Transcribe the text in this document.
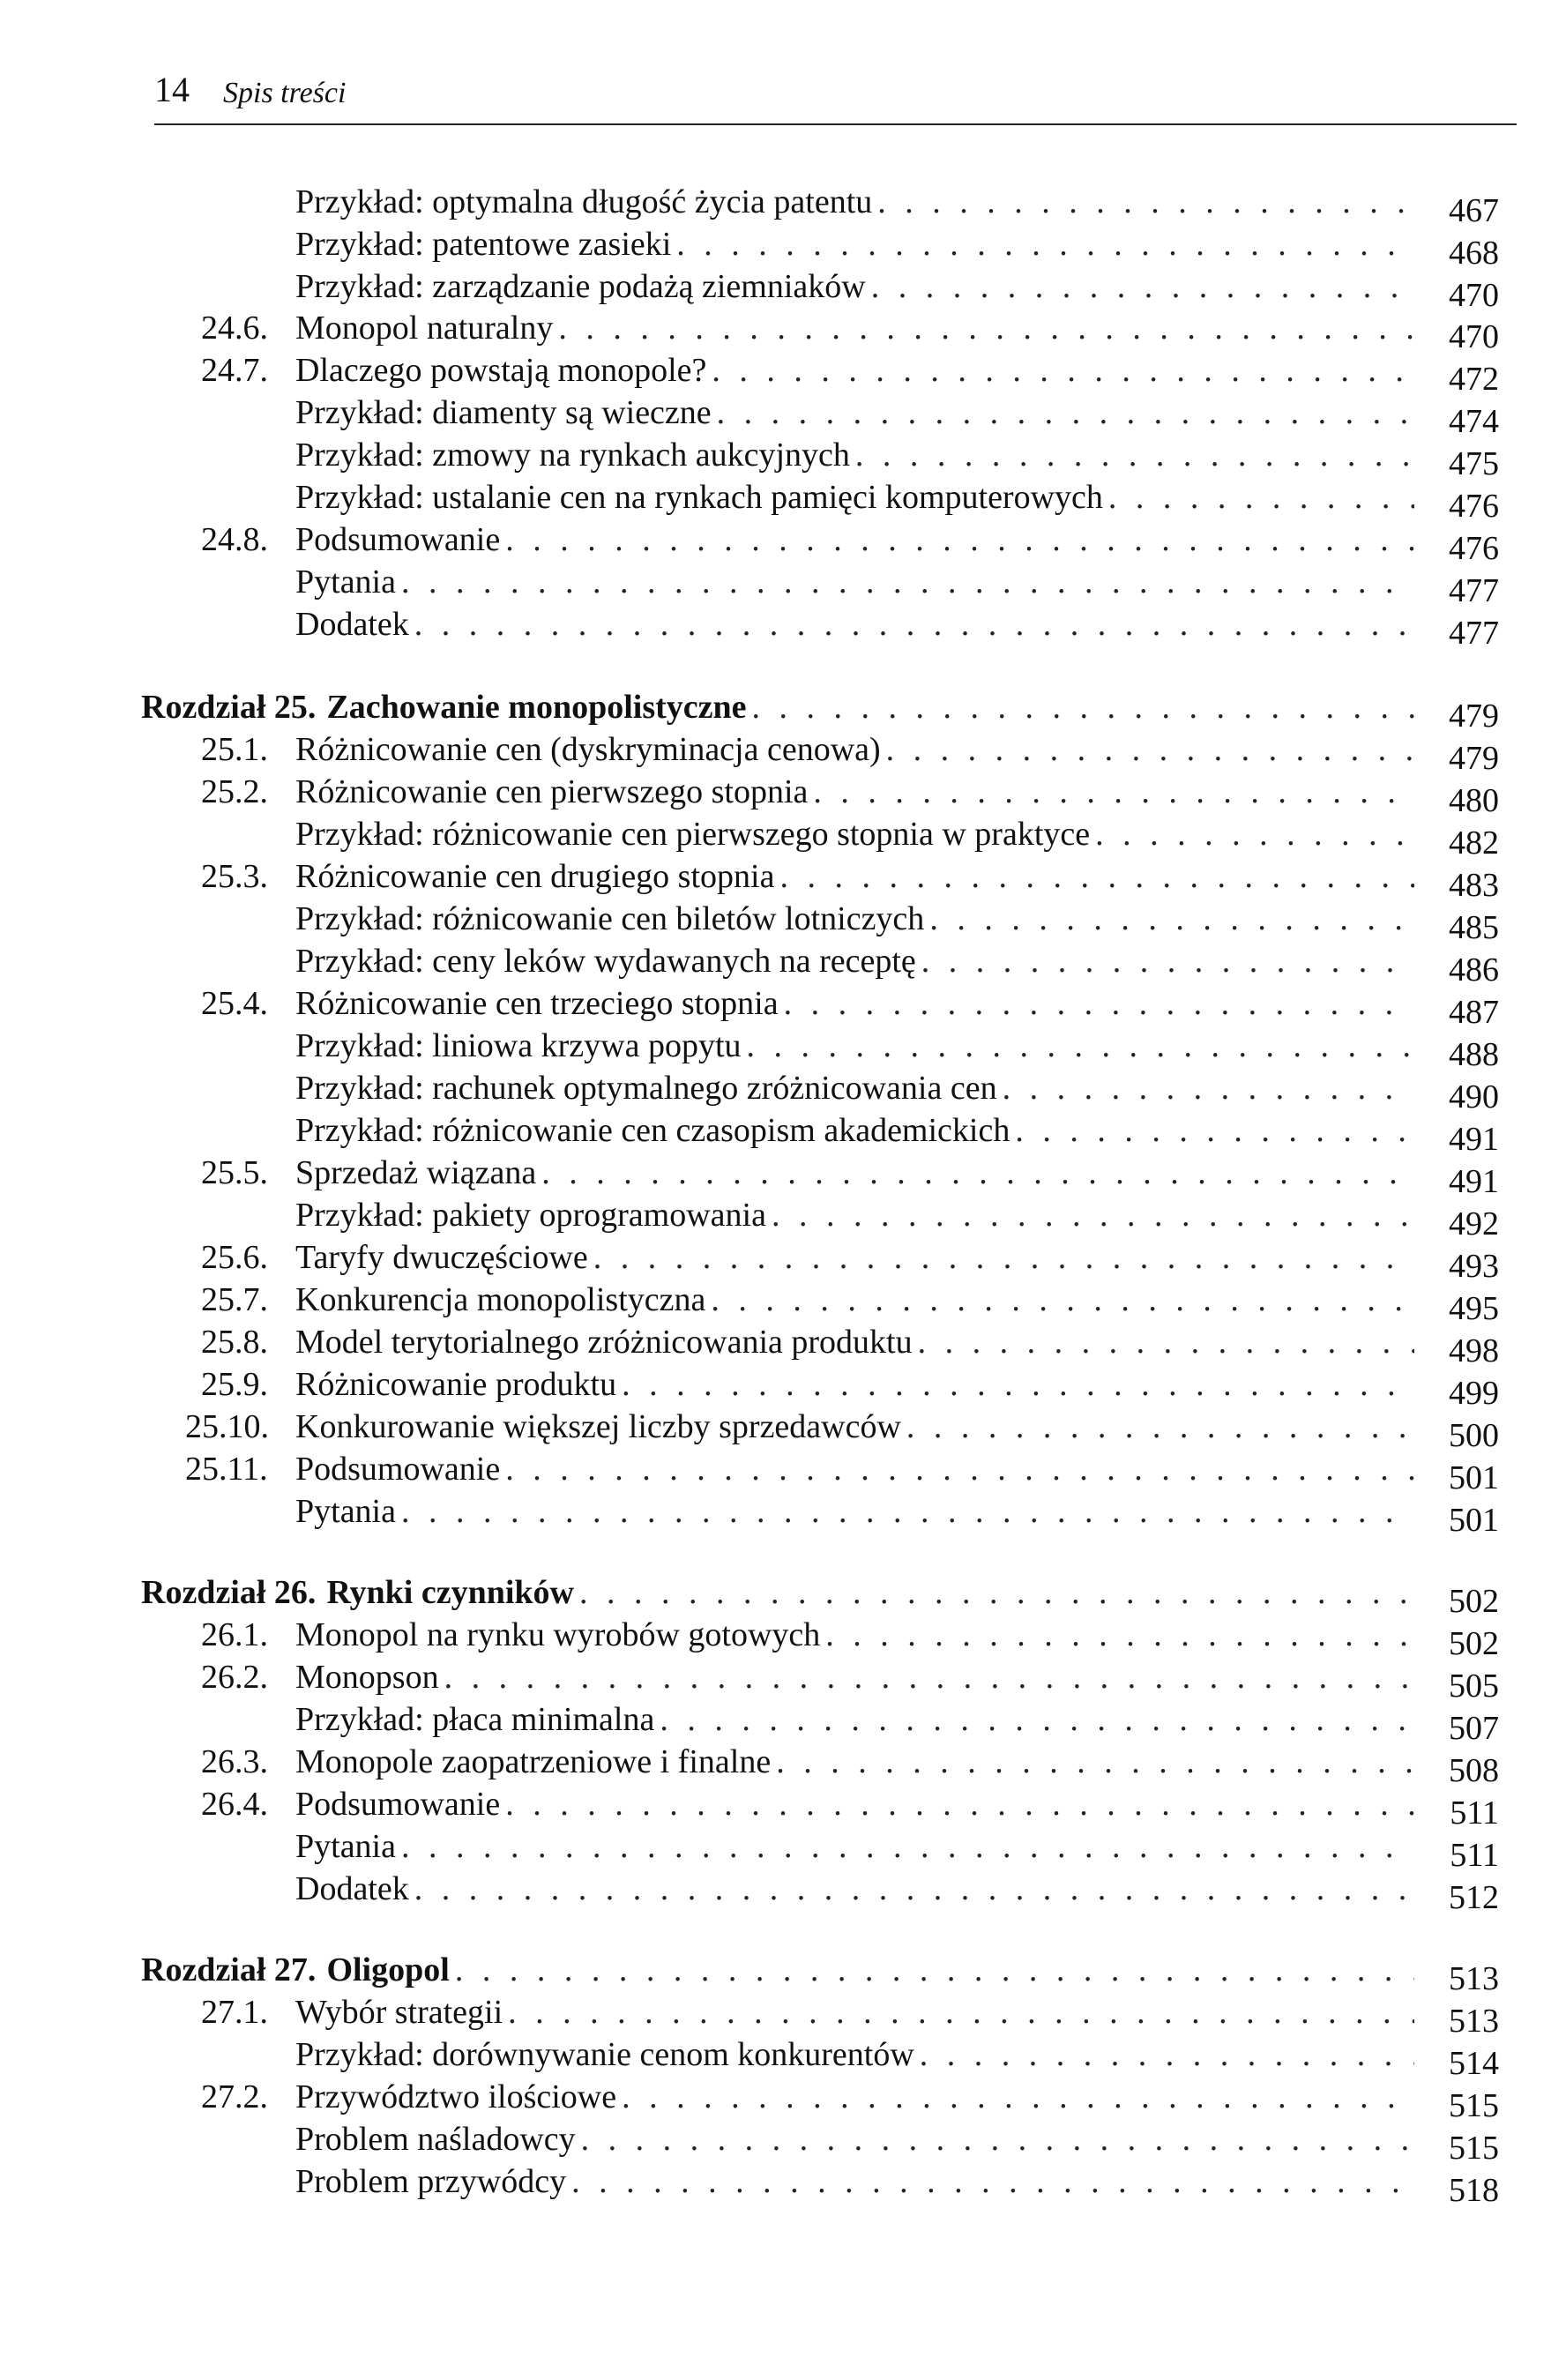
14 Spis treści
Przykład: optymalna długość życia patentu . . .	467
Przykład: patentowe zasieki . . .	468
Przykład: zarządzanie podażą ziemniaków . . .	470
24.6. Monopol naturalny . . .	470
24.7. Dlaczego powstają monopole? . . .	472
Przykład: diamenty są wieczne . . .	474
Przykład: zmowy na rynkach aukcyjnych . . .	475
Przykład: ustalanie cen na rynkach pamięci komputerowych . . .	476
24.8. Podsumowanie . . .	476
Pytania . . .	477
Dodatek . . .	477
Rozdział 25. Zachowanie monopolistyczne . . .	479
25.1. Różnicowanie cen (dyskryminacja cenowa) . . .	479
25.2. Różnicowanie cen pierwszego stopnia . . .	480
Przykład: różnicowanie cen pierwszego stopnia w praktyce . . .	482
25.3. Różnicowanie cen drugiego stopnia . . .	483
Przykład: różnicowanie cen biletów lotniczych . . .	485
Przykład: ceny leków wydawanych na receptę . . .	486
25.4. Różnicowanie cen trzeciego stopnia . . .	487
Przykład: liniowa krzywa popytu . . .	488
Przykład: rachunek optymalnego zróżnicowania cen . . .	490
Przykład: różnicowanie cen czasopism akademickich . . .	491
25.5. Sprzedaż wiązana . . .	491
Przykład: pakiety oprogramowania . . .	492
25.6. Taryfy dwuczęściowe . . .	493
25.7. Konkurencja monopolistyczna . . .	495
25.8. Model terytorialnego zróżnicowania produktu . . .	498
25.9. Różnicowanie produktu . . .	499
25.10. Konkurowanie większej liczby sprzedawców . . .	500
25.11. Podsumowanie . . .	501
Pytania . . .	501
Rozdział 26. Rynki czynników . . .	502
26.1. Monopol na rynku wyrobów gotowych . . .	502
26.2. Monopson . . .	505
Przykład: płaca minimalna . . .	507
26.3. Monopole zaopatrzeniowe i finalne . . .	508
26.4. Podsumowanie . . .	511
Pytania . . .	511
Dodatek . . .	512
Rozdział 27. Oligopol . . .	513
27.1. Wybór strategii . . .	513
Przykład: dorównywanie cenom konkurentów . . .	514
27.2. Przywództwo ilościowe . . .	515
Problem naśladowcy . . .	515
Problem przywódcy . . .	518
